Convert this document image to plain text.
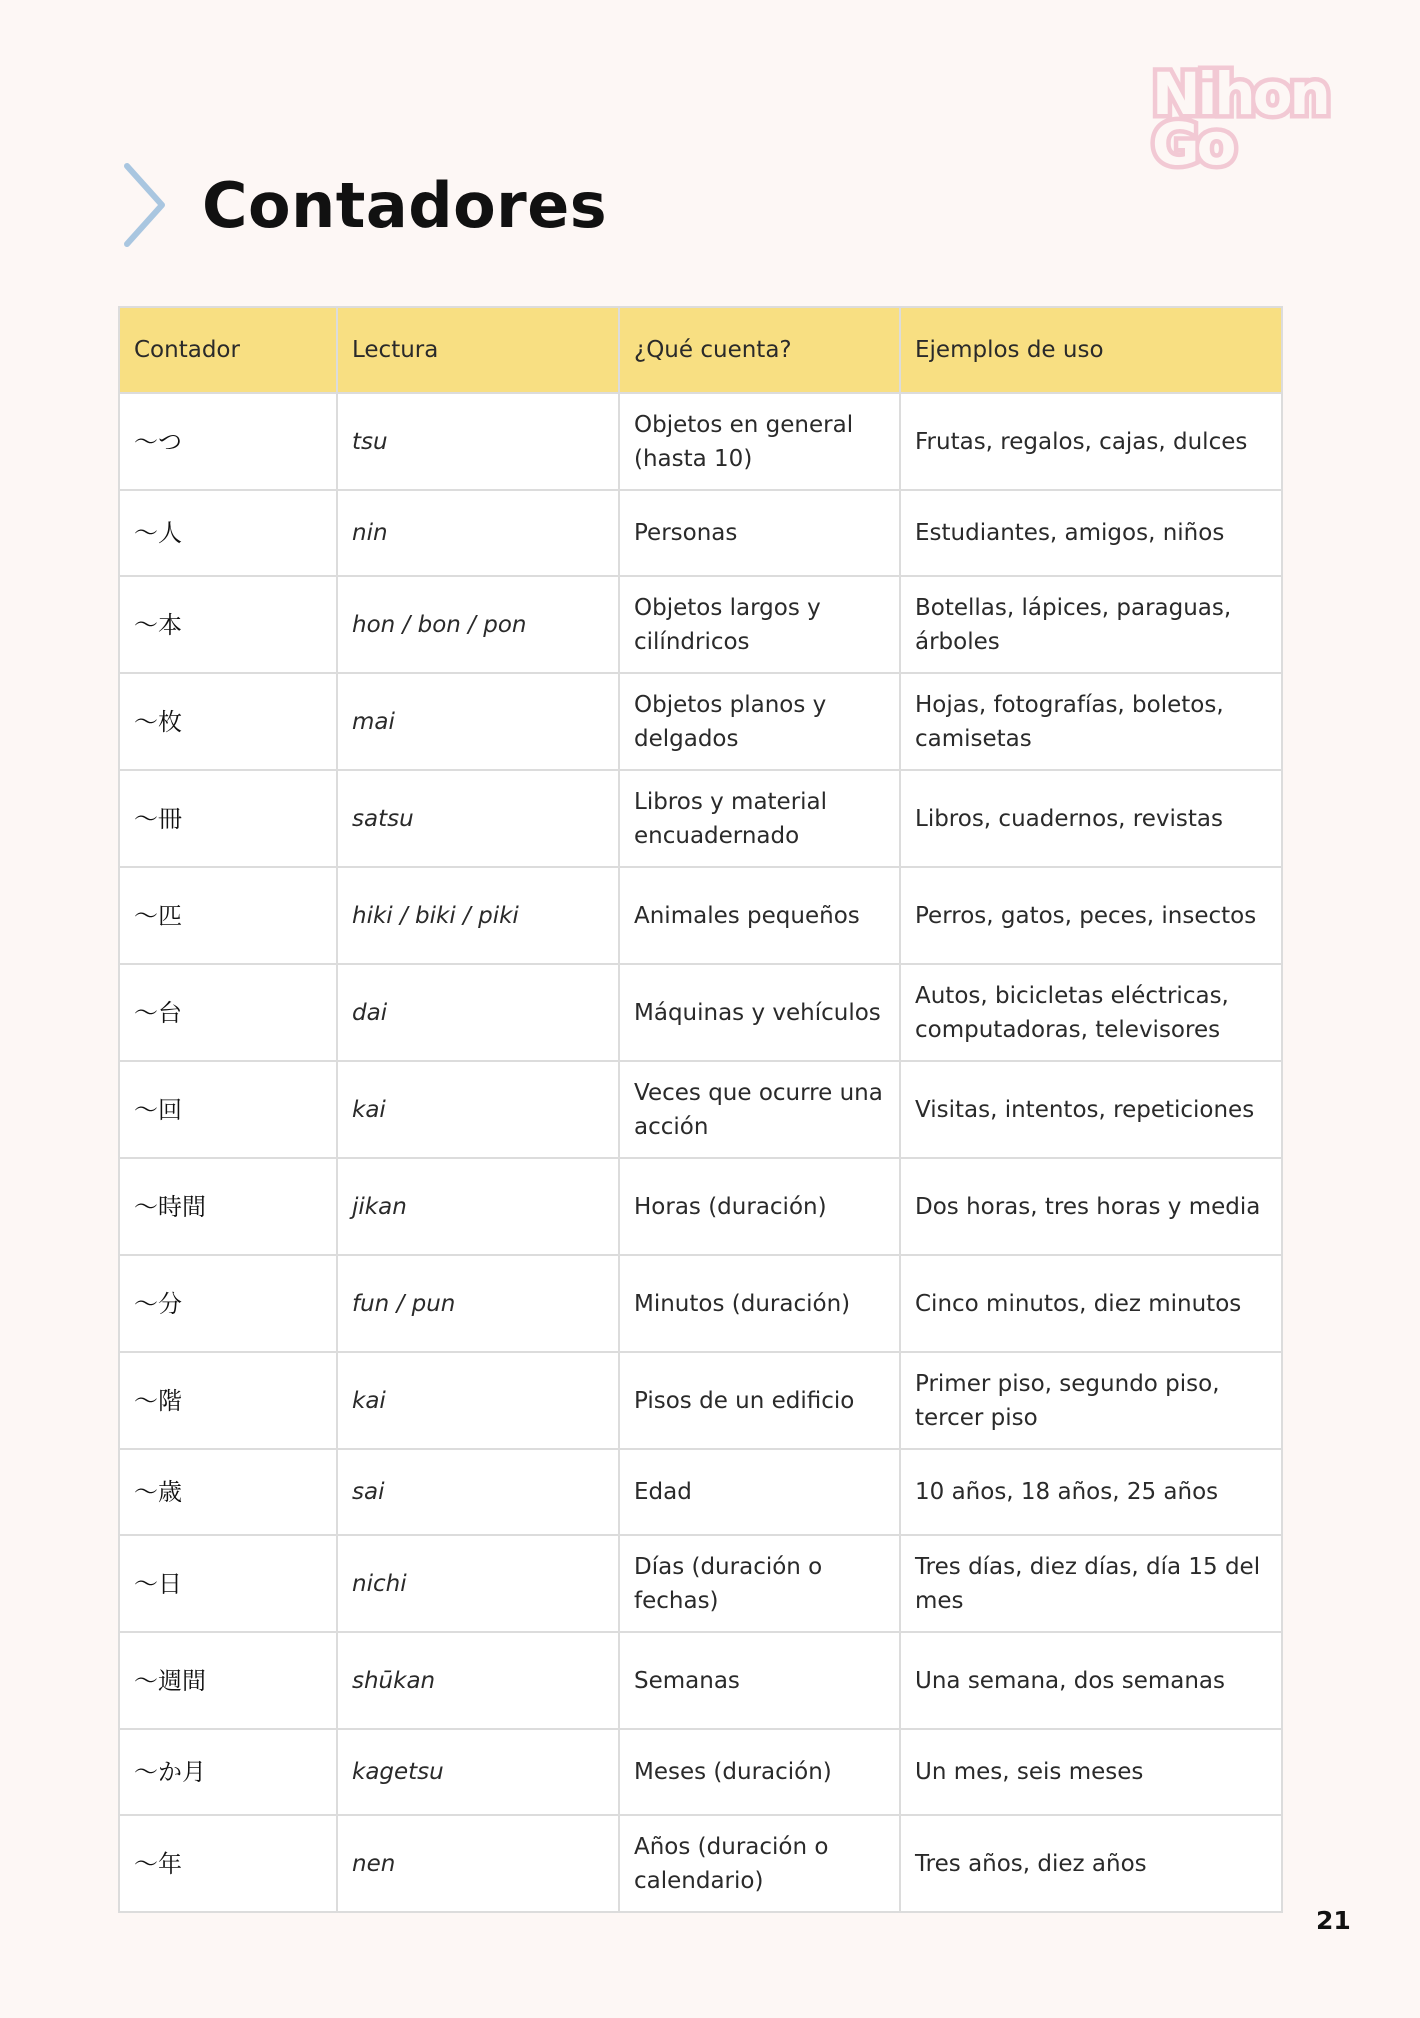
Nihon
Go
Contadores
Contador	Lectura	¿Qué cuenta?	Ejemplos de uso
～つ	tsu	Objetos en general (hasta 10)	Frutas, regalos, cajas, dulces
～人	nin	Personas	Estudiantes, amigos, niños
～本	hon / bon / pon	Objetos largos y cilíndricos	Botellas, lápices, paraguas, árboles
～枚	mai	Objetos planos y delgados	Hojas, fotografías, boletos, camisetas
～冊	satsu	Libros y material encuadernado	Libros, cuadernos, revistas
～匹	hiki / biki / piki	Animales pequeños	Perros, gatos, peces, insectos
～台	dai	Máquinas y vehículos	Autos, bicicletas eléctricas, computadoras, televisores
～回	kai	Veces que ocurre una acción	Visitas, intentos, repeticiones
～時間	jikan	Horas (duración)	Dos horas, tres horas y media
～分	fun / pun	Minutos (duración)	Cinco minutos, diez minutos
～階	kai	Pisos de un edificio	Primer piso, segundo piso, tercer piso
～歳	sai	Edad	10 años, 18 años, 25 años
～日	nichi	Días (duración o fechas)	Tres días, diez días, día 15 del mes
～週間	shūkan	Semanas	Una semana, dos semanas
～か月	kagetsu	Meses (duración)	Un mes, seis meses
～年	nen	Años (duración o calendario)	Tres años, diez años
21
